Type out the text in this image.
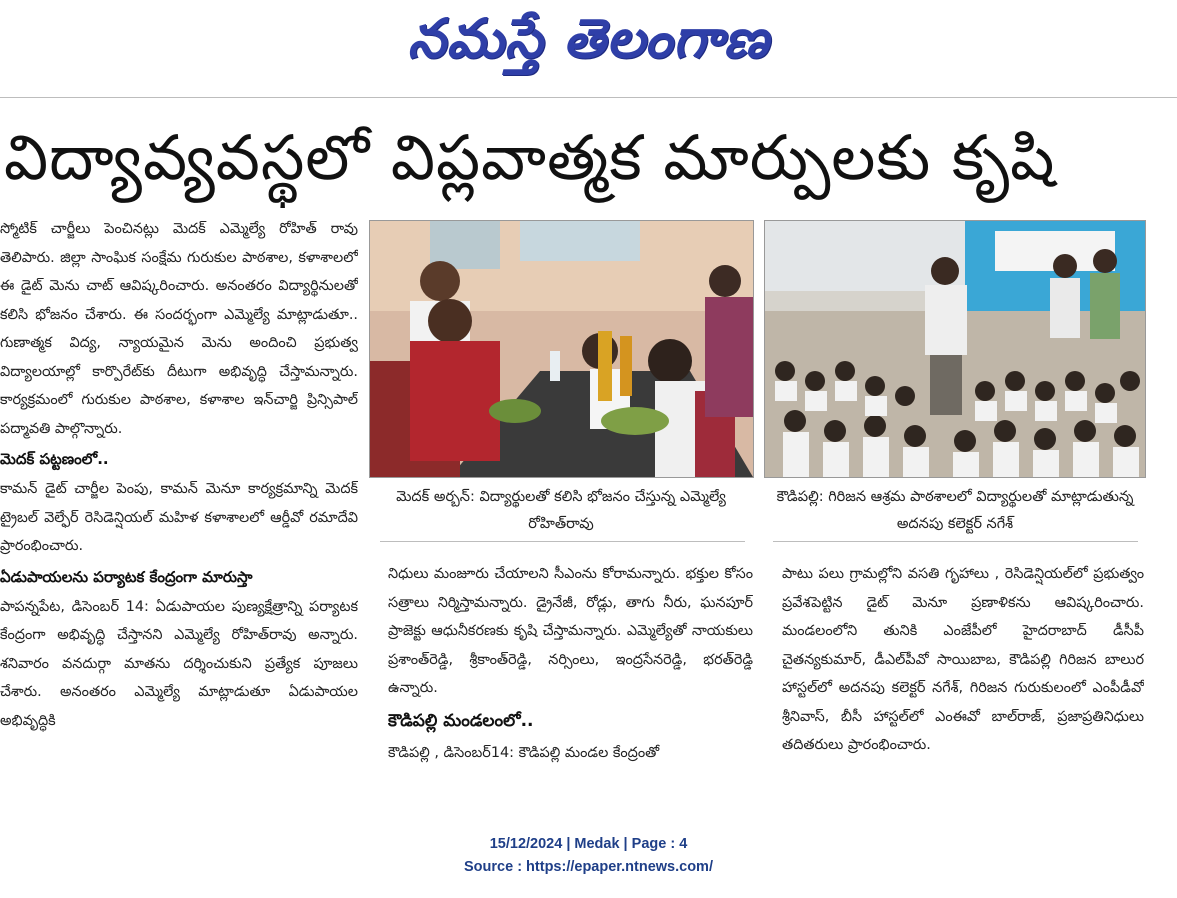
నమస్తే తెలంగాణ
విద్యావ్యవస్థలో విప్లవాత్మక మార్పులకు కృషి

స్మోటిక్ చార్జీలు పెంచినట్లు మెదక్ ఎమ్మెల్యే రోహిత్ రావు తెలిపారు. జిల్లా సాంఘిక సంక్షేమ గురుకుల పాఠశాల, కళాశాలలో ఈ డైట్ మెను చాట్ ఆవిష్కరించారు. అనంతరం విద్యార్థినులతో కలిసి భోజనం చేశారు. ఈ సందర్భంగా ఎమ్మెల్యే మాట్లాడుతూ.. గుణాత్మక విద్య, న్యాయమైన మెను అందించి ప్రభుత్వ విద్యాలయాల్లో కార్పొరేట్‌కు దీటుగా అభివృద్ధి చేస్తామన్నారు. కార్యక్రమంలో గురుకుల పాఠశాల, కళాశాల ఇన్‌చార్జి ప్రిన్సిపాల్ పద్మావతి పాల్గొన్నారు.

మెదక్ పట్టణంలో..

కామన్ డైట్ చార్జీల పెంపు, కామన్ మెనూ కార్యక్రమాన్ని మెదక్ ట్రైబల్ వెల్ఫేర్ రెసిడెన్షియల్ మహిళ కళాశాలలో ఆర్డీవో రమాదేవి ప్రారంభించారు.

ఏడుపాయలను పర్యాటక కేంద్రంగా మారుస్తా

పాపన్నపేట, డిసెంబర్ 14: ఏడుపాయల పుణ్యక్షేత్రాన్ని పర్యాటక కేంద్రంగా అభివృద్ధి చేస్తానని ఎమ్మెల్యే రోహిత్‌రావు అన్నారు. శనివారం వనదుర్గా మాతను దర్శించుకుని ప్రత్యేక పూజలు చేశారు. అనంతరం ఎమ్మెల్యే మాట్లాడుతూ ఏడుపాయల అభివృద్ధికి

మెదక్ అర్బన్: విద్యార్థులతో కలిసి భోజనం చేస్తున్న ఎమ్మెల్యే రోహిత్‌రావు
కౌడిపల్లి: గిరిజన ఆశ్రమ పాఠశాలలో విద్యార్థులతో మాట్లాడుతున్న అదనపు కలెక్టర్ నగేశ్

నిధులు మంజూరు చేయాలని సీఎంను కోరామన్నారు. భక్తుల కోసం సత్రాలు నిర్మిస్తామన్నారు. డ్రైనేజీ, రోడ్లు, తాగు నీరు, ఘనపూర్ ప్రాజెక్టు ఆధునీకరణకు కృషి చేస్తామన్నారు. ఎమ్మెల్యేతో నాయకులు ప్రశాంత్‌రెడ్డి, శ్రీకాంత్‌రెడ్డి, నర్సింలు, ఇంద్రసేనరెడ్డి, భరత్‌రెడ్డి ఉన్నారు.

కౌడిపల్లి మండలంలో..

కౌడిపల్లి , డిసెంబర్14: కౌడిపల్లి మండల కేంద్రంతో

పాటు పలు గ్రామల్లోని వసతి గృహాలు , రెసిడెన్షియల్‌లో ప్రభుత్వం ప్రవేశపెట్టిన డైట్ మెనూ ప్రణాళికను ఆవిష్కరించారు. మండలంలోని తునికి ఎంజేపీలో హైదరాబాద్ డీసీపీ చైతన్యకుమార్, డీఎల్‌పీవో సాయిబాబ, కౌడిపల్లి గిరిజన బాలుర హాస్టల్‌లో అదనపు కలెక్టర్ నగేశ్, గిరిజన గురుకులంలో ఎంపీడీవో శ్రీనివాస్, బీసీ హాస్టల్‌లో ఎంఈవో బాల్‌రాజ్, ప్రజాప్రతినిధులు తదితరులు ప్రారంభించారు.

15/12/2024 | Medak | Page : 4
Source : https://epaper.ntnews.com/
